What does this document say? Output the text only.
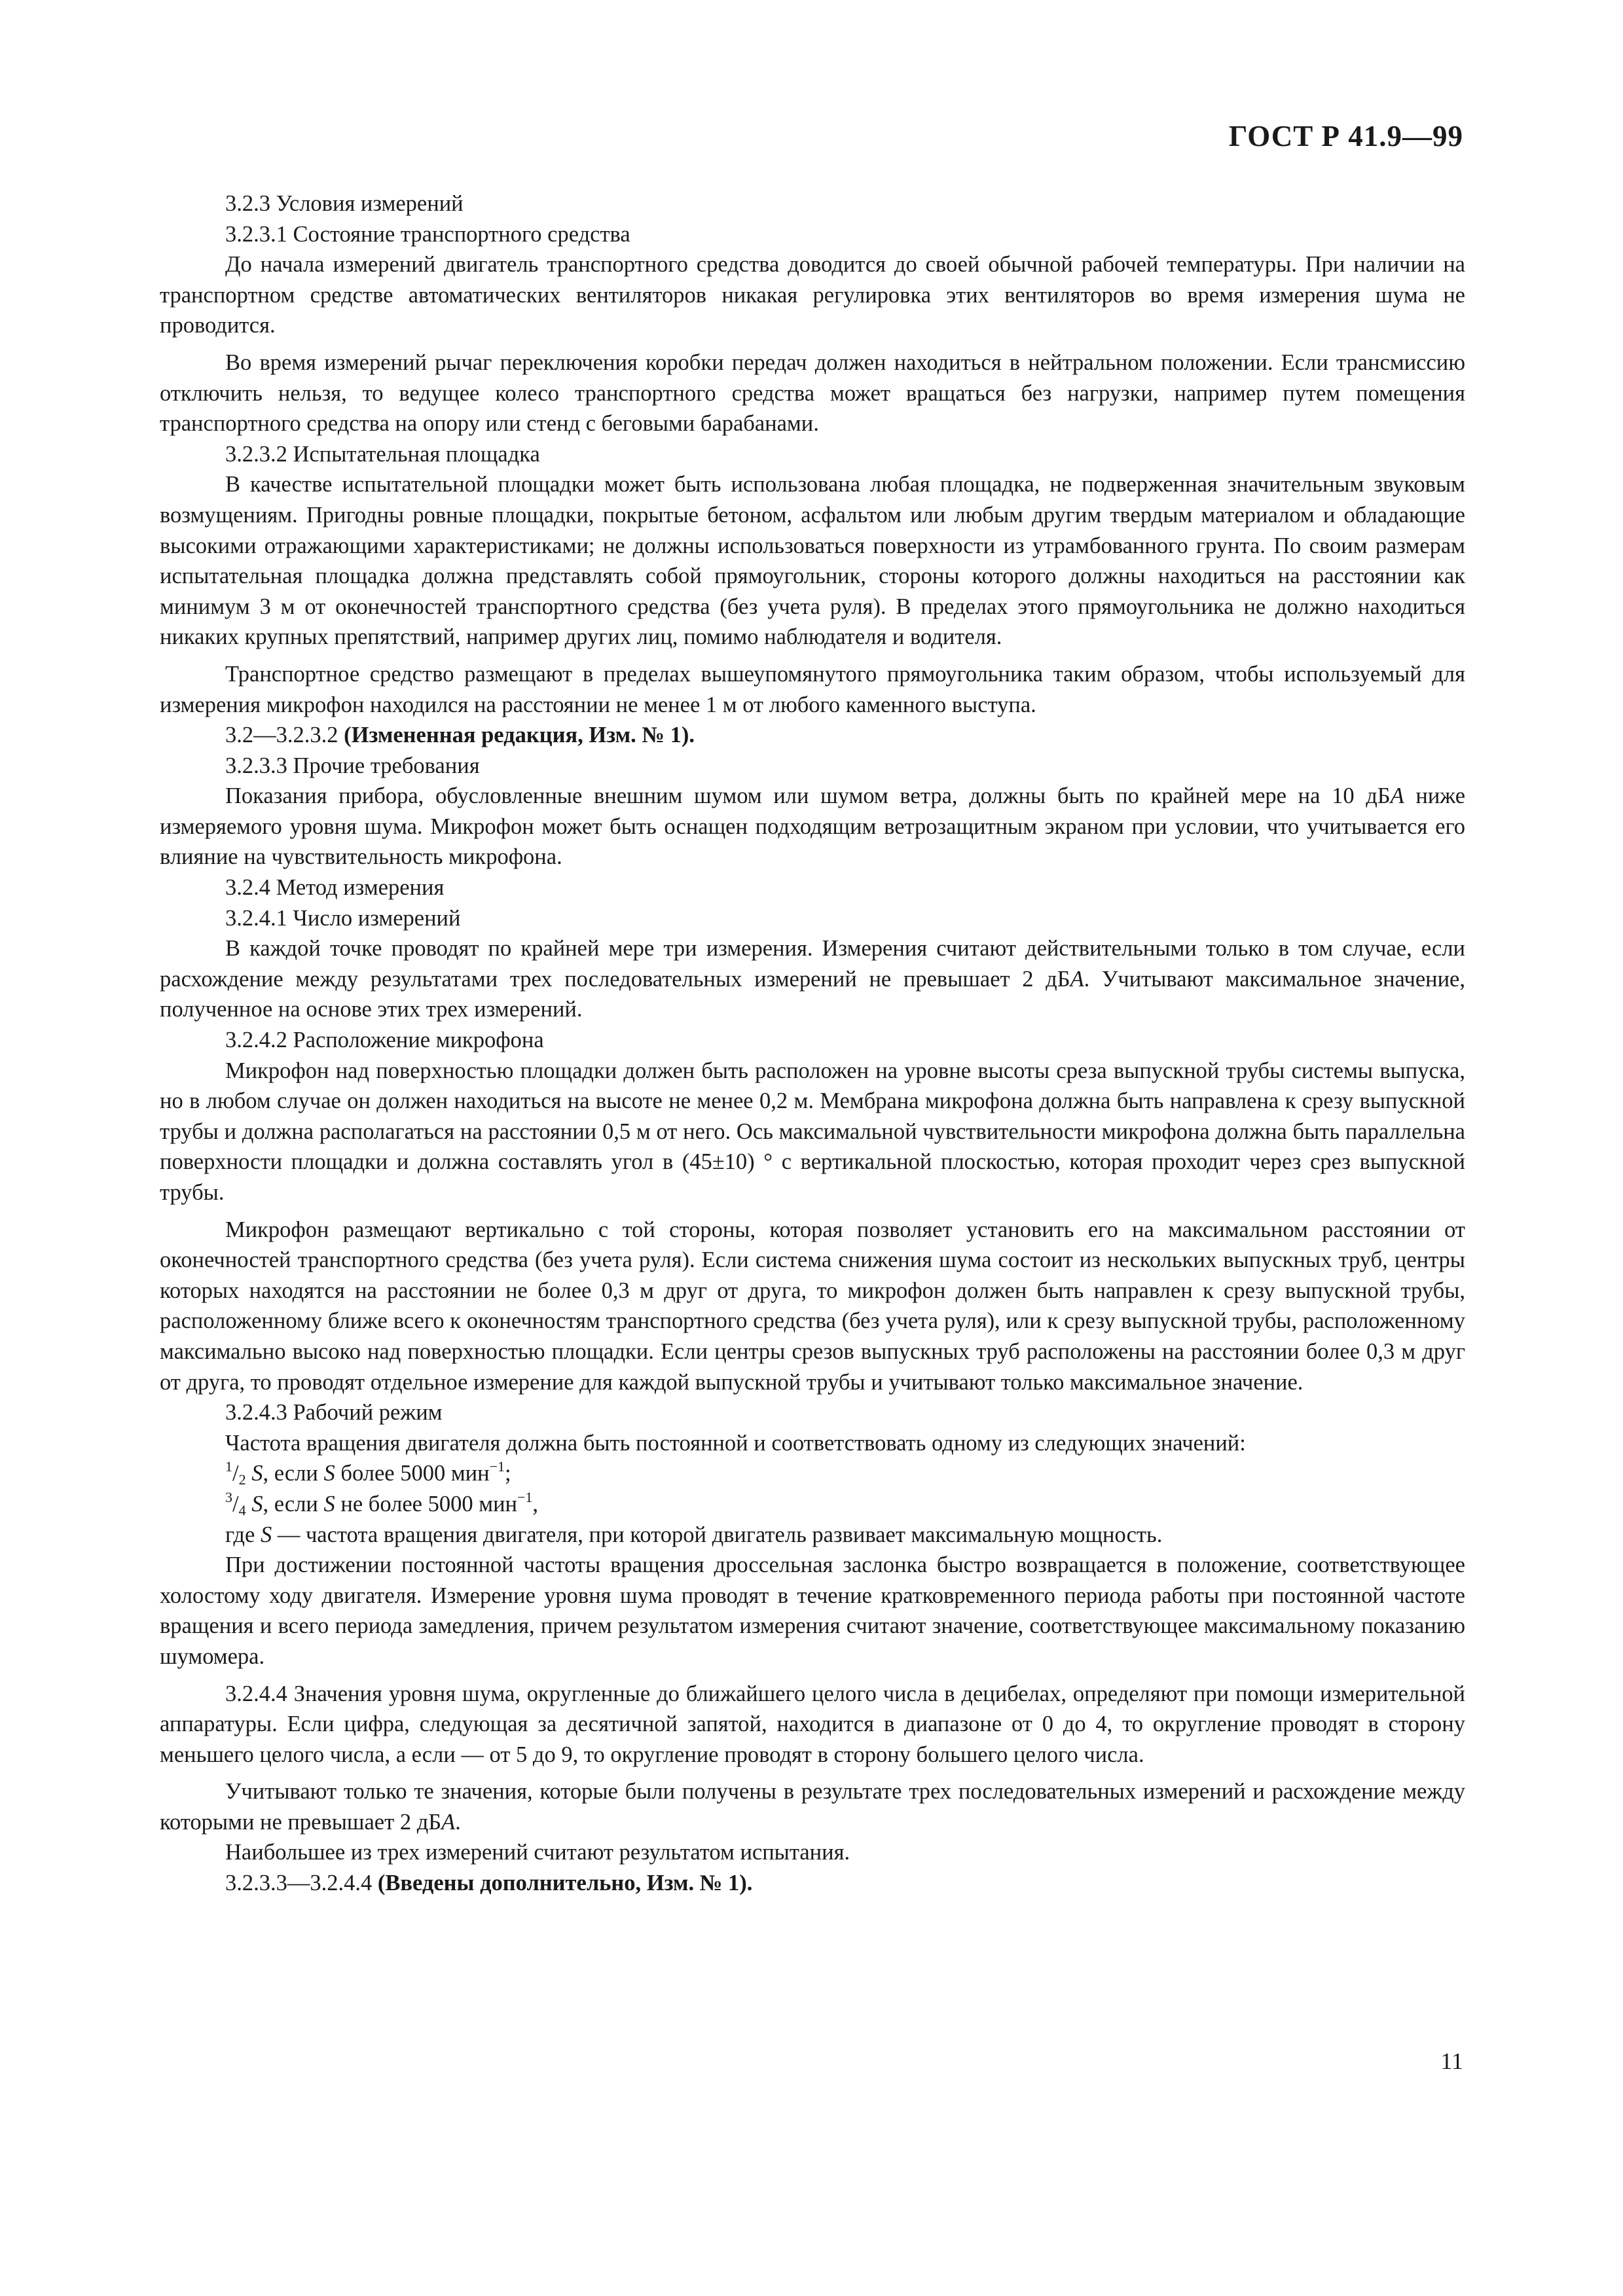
ГОСТ Р 41.9—99

3.2.3 Условия измерений

3.2.3.1 Состояние транспортного средства

До начала измерений двигатель транспортного средства доводится до своей обычной рабочей температуры. При наличии на транспортном средстве автоматических вентиляторов никакая регулировка этих вентиляторов во время измерения шума не проводится.

Во время измерений рычаг переключения коробки передач должен находиться в нейтральном положении. Если трансмиссию отключить нельзя, то ведущее колесо транспортного средства может вращаться без нагрузки, например путем помещения транспортного средства на опору или стенд с беговыми барабанами.

3.2.3.2 Испытательная площадка

В качестве испытательной площадки может быть использована любая площадка, не подверженная значительным звуковым возмущениям. Пригодны ровные площадки, покрытые бетоном, асфальтом или любым другим твердым материалом и обладающие высокими отражающими характеристиками; не должны использоваться поверхности из утрамбованного грунта. По своим размерам испытательная площадка должна представлять собой прямоугольник, стороны которого должны находиться на расстоянии как минимум 3 м от оконечностей транспортного средства (без учета руля). В пределах этого прямоугольника не должно находиться никаких крупных препятствий, например других лиц, помимо наблюдателя и водителя.

Транспортное средство размещают в пределах вышеупомянутого прямоугольника таким образом, чтобы используемый для измерения микрофон находился на расстоянии не менее 1 м от любого каменного выступа.

3.2—3.2.3.2 (Измененная редакция, Изм. № 1).

3.2.3.3 Прочие требования

Показания прибора, обусловленные внешним шумом или шумом ветра, должны быть по крайней мере на 10 дБА ниже измеряемого уровня шума. Микрофон может быть оснащен подходящим ветрозащитным экраном при условии, что учитывается его влияние на чувствительность микрофона.

3.2.4 Метод измерения

3.2.4.1 Число измерений

В каждой точке проводят по крайней мере три измерения. Измерения считают действительными только в том случае, если расхождение между результатами трех последовательных измерений не превышает 2 дБА. Учитывают максимальное значение, полученное на основе этих трех измерений.

3.2.4.2 Расположение микрофона

Микрофон над поверхностью площадки должен быть расположен на уровне высоты среза выпускной трубы системы выпуска, но в любом случае он должен находиться на высоте не менее 0,2 м. Мембрана микрофона должна быть направлена к срезу выпускной трубы и должна располагаться на расстоянии 0,5 м от него. Ось максимальной чувствительности микрофона должна быть параллельна поверхности площадки и должна составлять угол в (45±10) ° с вертикальной плоскостью, которая проходит через срез выпускной трубы.

Микрофон размещают вертикально с той стороны, которая позволяет установить его на максимальном расстоянии от оконечностей транспортного средства (без учета руля). Если система снижения шума состоит из нескольких выпускных труб, центры которых находятся на расстоянии не более 0,3 м друг от друга, то микрофон должен быть направлен к срезу выпускной трубы, расположенному ближе всего к оконечностям транспортного средства (без учета руля), или к срезу выпускной трубы, расположенному максимально высоко над поверхностью площадки. Если центры срезов выпускных труб расположены на расстоянии более 0,3 м друг от друга, то проводят отдельное измерение для каждой выпускной трубы и учитывают только максимальное значение.

3.2.4.3 Рабочий режим

Частота вращения двигателя должна быть постоянной и соответствовать одному из следующих значений:

$^1/_2$ S, если S более 5000 мин$^{-1}$;

$^3/_4$ S, если S не более 5000 мин$^{-1}$,

где S — частота вращения двигателя, при которой двигатель развивает максимальную мощность.

При достижении постоянной частоты вращения дроссельная заслонка быстро возвращается в положение, соответствующее холостому ходу двигателя. Измерение уровня шума проводят в течение кратковременного периода работы при постоянной частоте вращения и всего периода замедления, причем результатом измерения считают значение, соответствующее максимальному показанию шумомера.

3.2.4.4 Значения уровня шума, округленные до ближайшего целого числа в децибелах, определяют при помощи измерительной аппаратуры. Если цифра, следующая за десятичной запятой, находится в диапазоне от 0 до 4, то округление проводят в сторону меньшего целого числа, а если — от 5 до 9, то округление проводят в сторону большего целого числа.

Учитывают только те значения, которые были получены в результате трех последовательных измерений и расхождение между которыми не превышает 2 дБА.

Наибольшее из трех измерений считают результатом испытания.

3.2.3.3—3.2.4.4 (Введены дополнительно, Изм. № 1).

11
